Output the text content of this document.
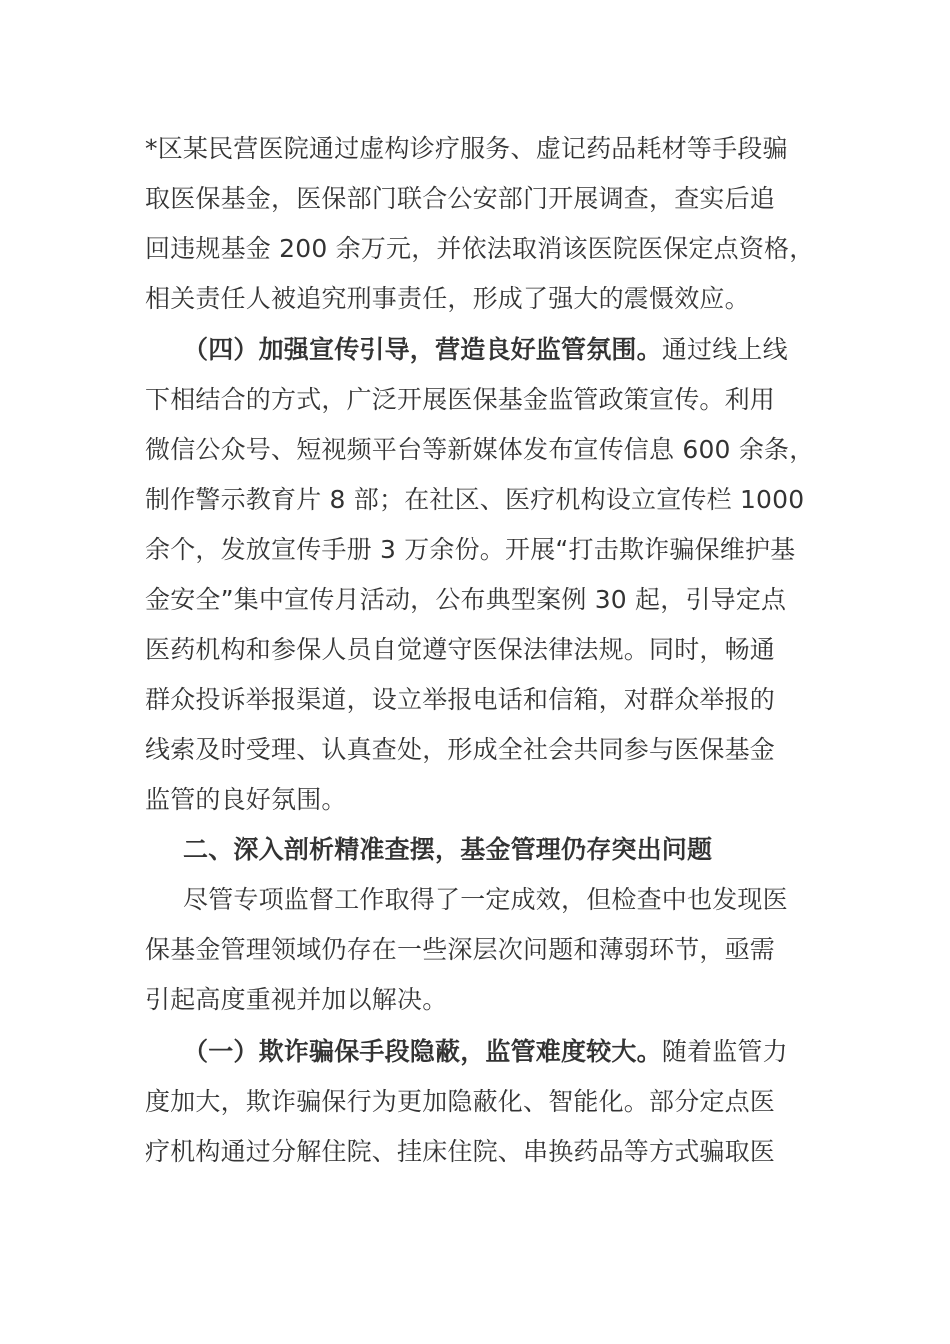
*区某民营医院通过虚构诊疗服务、虚记药品耗材等手段骗
取医保基金，医保部门联合公安部门开展调查，查实后追
回违规基金 200 余万元，并依法取消该医院医保定点资格，
相关责任人被追究刑事责任，形成了强大的震慑效应。
（四）加强宣传引导，营造良好监管氛围。通过线上线
下相结合的方式，广泛开展医保基金监管政策宣传。利用
微信公众号、短视频平台等新媒体发布宣传信息 600 余条，
制作警示教育片 8 部；在社区、医疗机构设立宣传栏 1000
余个，发放宣传手册 3 万余份。开展“打击欺诈骗保维护基
金安全”集中宣传月活动，公布典型案例 30 起，引导定点
医药机构和参保人员自觉遵守医保法律法规。同时，畅通
群众投诉举报渠道，设立举报电话和信箱，对群众举报的
线索及时受理、认真查处，形成全社会共同参与医保基金
监管的良好氛围。
二、深入剖析精准查摆，基金管理仍存突出问题
尽管专项监督工作取得了一定成效，但检查中也发现医
保基金管理领域仍存在一些深层次问题和薄弱环节，亟需
引起高度重视并加以解决。
（一）欺诈骗保手段隐蔽，监管难度较大。随着监管力
度加大，欺诈骗保行为更加隐蔽化、智能化。部分定点医
疗机构通过分解住院、挂床住院、串换药品等方式骗取医
